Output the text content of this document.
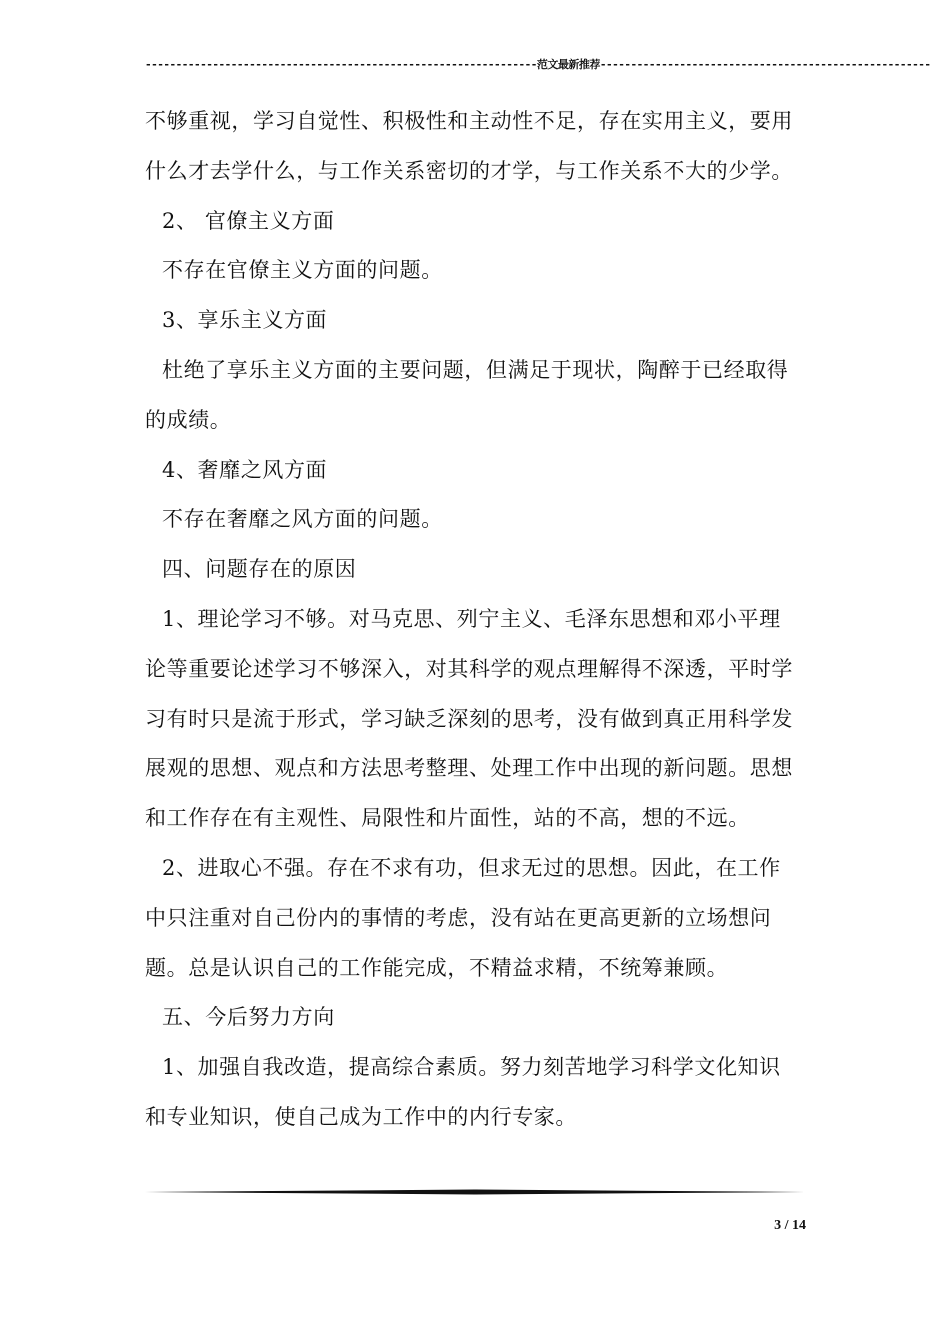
----------------------------------------------------------------范文最新推荐------------------------------------------------------

不够重视，学习自觉性、积极性和主动性不足，存在实用主义，要用

什么才去学什么，与工作关系密切的才学，与工作关系不大的少学。

2、 官僚主义方面

不存在官僚主义方面的问题。

3、享乐主义方面

杜绝了享乐主义方面的主要问题，但满足于现状，陶醉于已经取得

的成绩。

4、奢靡之风方面

不存在奢靡之风方面的问题。

四、问题存在的原因

1、理论学习不够。对马克思、列宁主义、毛泽东思想和邓小平理

论等重要论述学习不够深入，对其科学的观点理解得不深透，平时学

习有时只是流于形式，学习缺乏深刻的思考，没有做到真正用科学发

展观的思想、观点和方法思考整理、处理工作中出现的新问题。思想

和工作存在有主观性、局限性和片面性，站的不高，想的不远。

2、进取心不强。存在不求有功，但求无过的思想。因此，在工作

中只注重对自己份内的事情的考虑，没有站在更高更新的立场想问

题。总是认识自己的工作能完成，不精益求精，不统筹兼顾。

五、今后努力方向

1、加强自我改造，提高综合素质。努力刻苦地学习科学文化知识

和专业知识，使自己成为工作中的内行专家。

3 / 14
